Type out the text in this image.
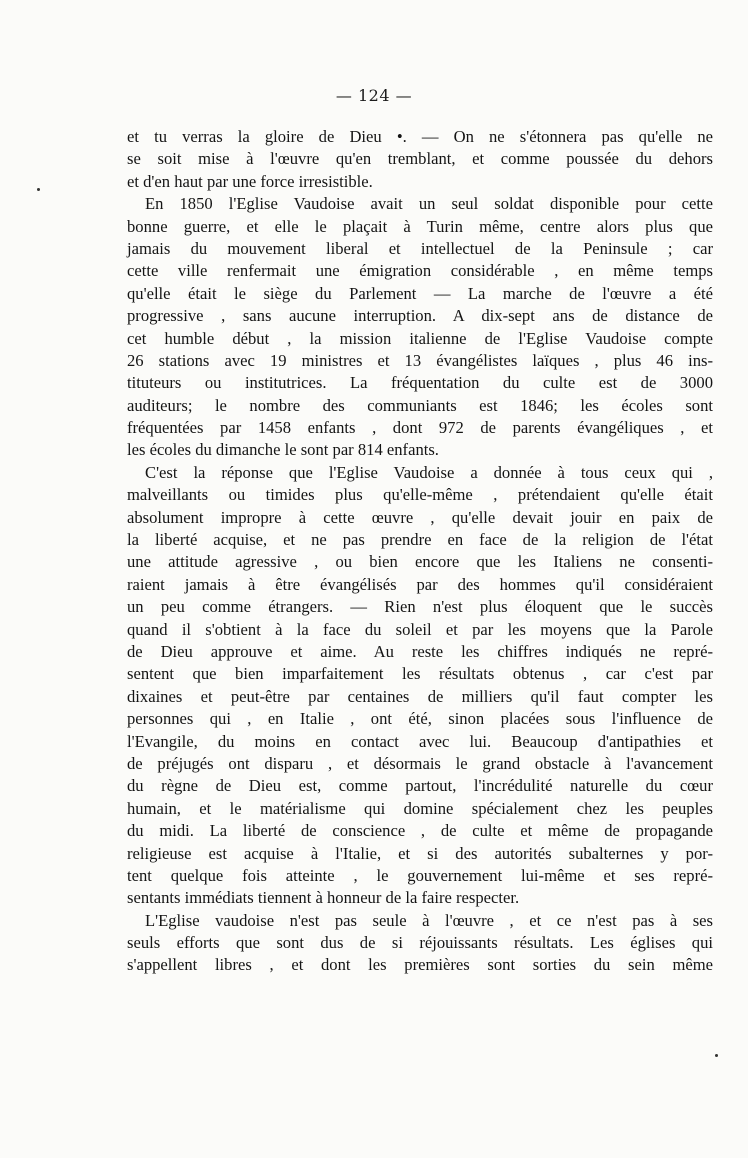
— 124 —
et tu verras la gloire de Dieu •. — On ne s'étonnera pas qu'elle ne
se soit mise à l'œuvre qu'en tremblant, et comme poussée du dehors
et d'en haut par une force irresistible.
En 1850 l'Eglise Vaudoise avait un seul soldat disponible pour cette
bonne guerre, et elle le plaçait à Turin même, centre alors plus que
jamais du mouvement liberal et intellectuel de la Peninsule ; car
cette ville renfermait une émigration considérable , en même temps
qu'elle était le siège du Parlement — La marche de l'œuvre a été
progressive , sans aucune interruption. A dix-sept ans de distance de
cet humble début , la mission italienne de l'Eglise Vaudoise compte
26 stations avec 19 ministres et 13 évangélistes laïques , plus 46 ins-
tituteurs ou institutrices. La fréquentation du culte est de 3000
auditeurs; le nombre des communiants est 1846; les écoles sont
fréquentées par 1458 enfants , dont 972 de parents évangéliques , et
les écoles du dimanche le sont par 814 enfants.
C'est la réponse que l'Eglise Vaudoise a donnée à tous ceux qui ,
malveillants ou timides plus qu'elle-même , prétendaient qu'elle était
absolument impropre à cette œuvre , qu'elle devait jouir en paix de
la liberté acquise, et ne pas prendre en face de la religion de l'état
une attitude agressive , ou bien encore que les Italiens ne consenti-
raient jamais à être évangélisés par des hommes qu'il considéraient
un peu comme étrangers. — Rien n'est plus éloquent que le succès
quand il s'obtient à la face du soleil et par les moyens que la Parole
de Dieu approuve et aime. Au reste les chiffres indiqués ne repré-
sentent que bien imparfaitement les résultats obtenus , car c'est par
dixaines et peut-être par centaines de milliers qu'il faut compter les
personnes qui , en Italie , ont été, sinon placées sous l'influence de
l'Evangile, du moins en contact avec lui. Beaucoup d'antipathies et
de préjugés ont disparu , et désormais le grand obstacle à l'avancement
du règne de Dieu est, comme partout, l'incrédulité naturelle du cœur
humain, et le matérialisme qui domine spécialement chez les peuples
du midi. La liberté de conscience , de culte et même de propagande
religieuse est acquise à l'Italie, et si des autorités subalternes y por-
tent quelque fois atteinte , le gouvernement lui-même et ses repré-
sentants immédiats tiennent à honneur de la faire respecter.
L'Eglise vaudoise n'est pas seule à l'œuvre , et ce n'est pas à ses
seuls efforts que sont dus de si réjouissants résultats. Les églises qui
s'appellent libres , et dont les premières sont sorties du sein même
